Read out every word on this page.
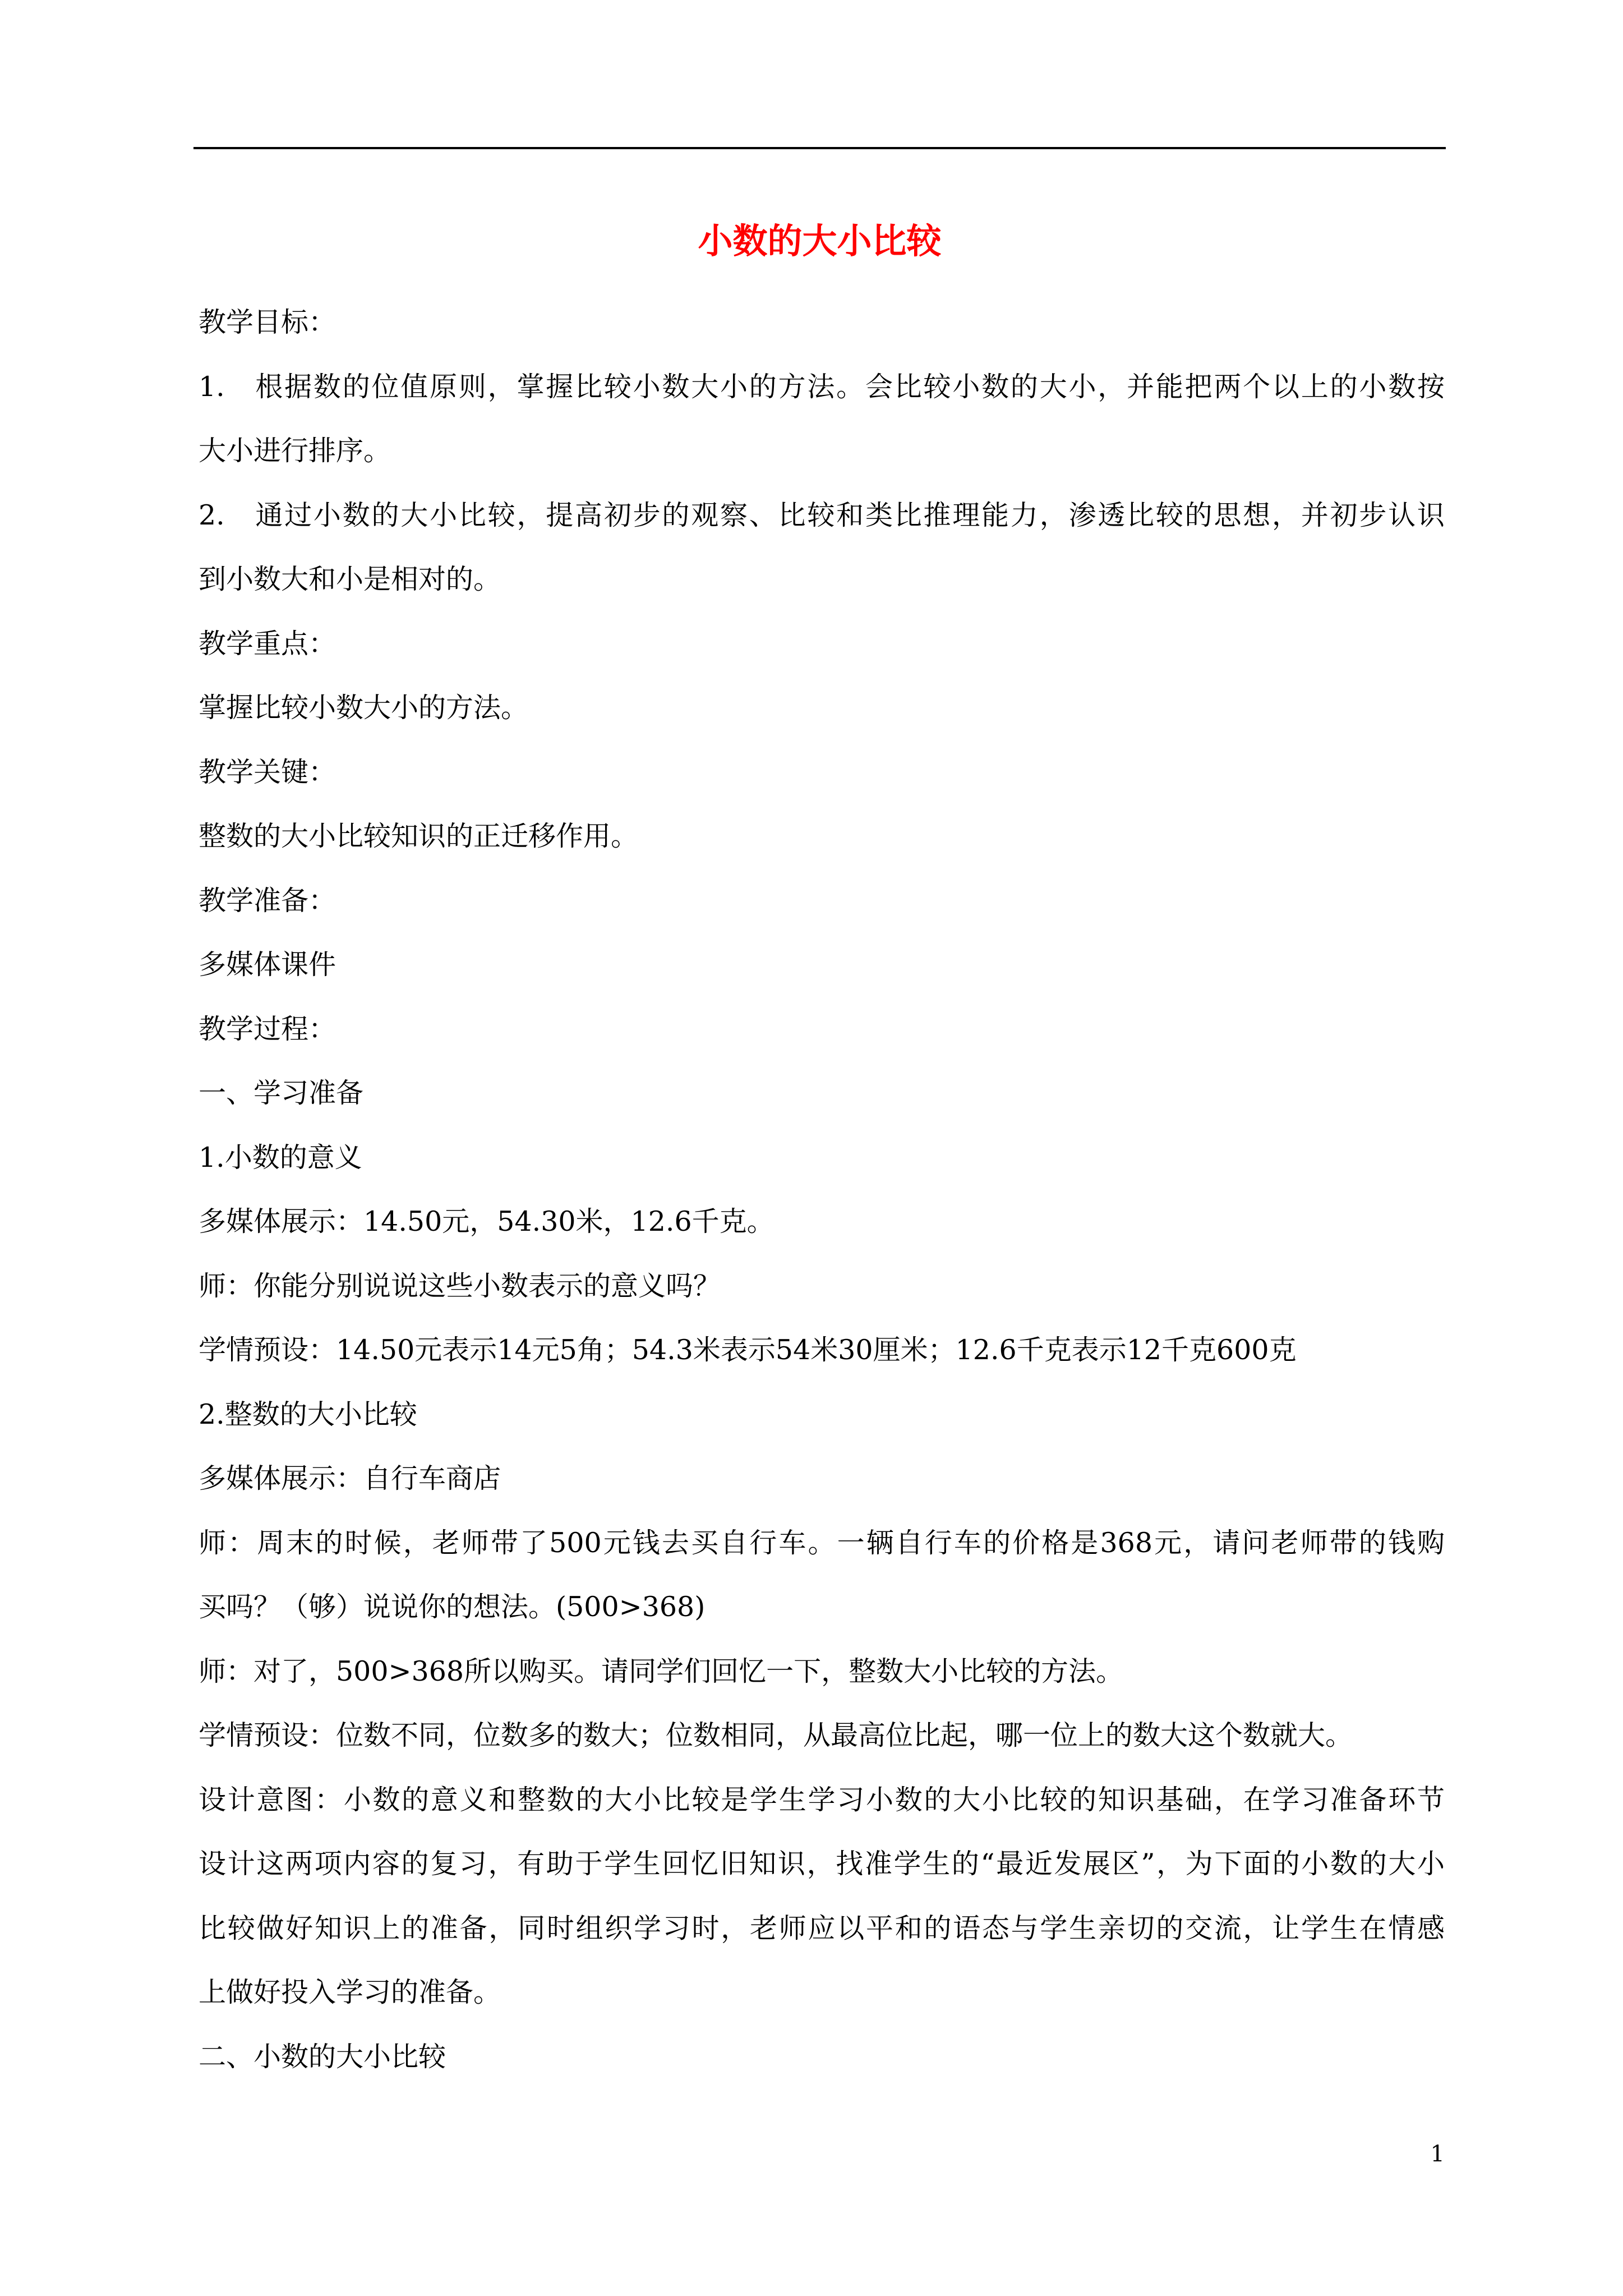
小数的大小比较

教学目标：

1.　根据数的位值原则，掌握比较小数大小的方法。会比较小数的大小，并能把两个以上的小数按

大小进行排序。

2.　通过小数的大小比较，提高初步的观察、比较和类比推理能力，渗透比较的思想，并初步认识

到小数大和小是相对的。

教学重点：

掌握比较小数大小的方法。

教学关键：

整数的大小比较知识的正迁移作用。

教学准备：

多媒体课件

教学过程：

一、学习准备

1.小数的意义

多媒体展示：14.50元，54.30米，12.6千克。

师：你能分别说说这些小数表示的意义吗？

学情预设：14.50元表示14元5角；54.3米表示54米30厘米；12.6千克表示12千克600克

2.整数的大小比较

多媒体展示：自行车商店

师：周末的时候，老师带了500元钱去买自行车。一辆自行车的价格是368元，请问老师带的钱购

买吗？（够）说说你的想法。(500>368)

师：对了，500>368所以购买。请同学们回忆一下，整数大小比较的方法。

学情预设：位数不同，位数多的数大；位数相同，从最高位比起，哪一位上的数大这个数就大。

设计意图：小数的意义和整数的大小比较是学生学习小数的大小比较的知识基础，在学习准备环节

设计这两项内容的复习，有助于学生回忆旧知识，找准学生的“最近发展区”，为下面的小数的大小

比较做好知识上的准备，同时组织学习时，老师应以平和的语态与学生亲切的交流，让学生在情感

上做好投入学习的准备。

二、小数的大小比较

1
